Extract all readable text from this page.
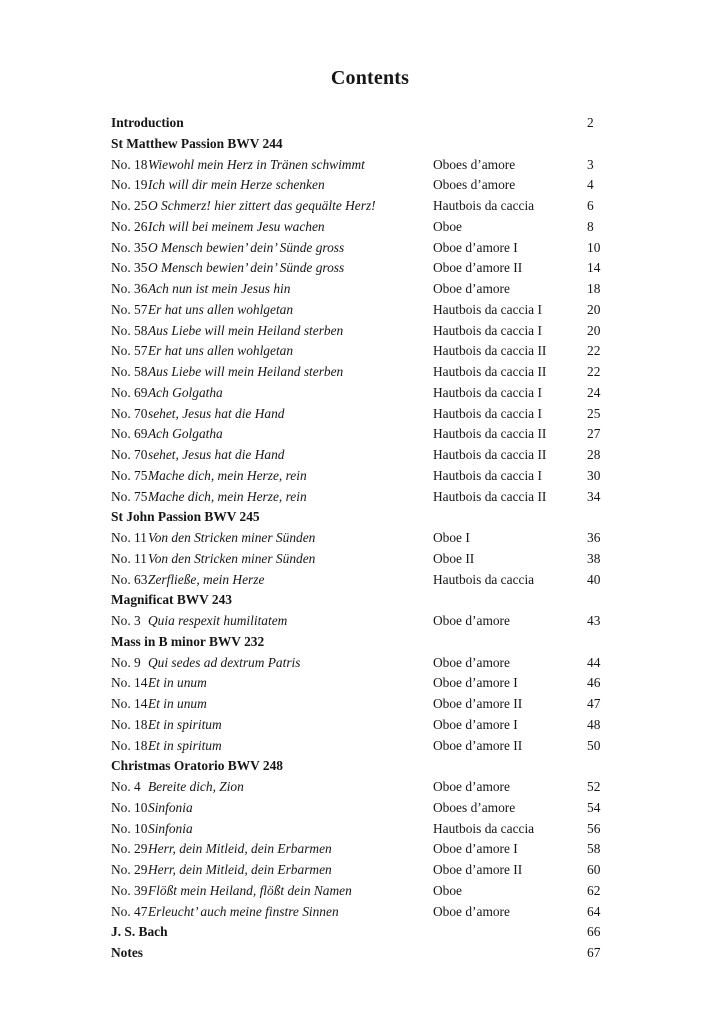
Contents
Introduction	2
St Matthew Passion BWV 244
No. 18 Wiewohl mein Herz in Tränen schwimmt	Oboes d’amore	3
No. 19 Ich will dir mein Herze schenken	Oboes d’amore	4
No. 25 O Schmerz! hier zittert das gequälte Herz!	Hautbois da caccia	6
No. 26 Ich will bei meinem Jesu wachen	Oboe	8
No. 35 O Mensch bewien’ dein’ Sünde gross	Oboe d’amore I	10
No. 35 O Mensch bewien’ dein’ Sünde gross	Oboe d’amore II	14
No. 36 Ach nun ist mein Jesus hin	Oboe d’amore	18
No. 57 Er hat uns allen wohlgetan	Hautbois da caccia I	20
No. 58 Aus Liebe will mein Heiland sterben	Hautbois da caccia I	20
No. 57 Er hat uns allen wohlgetan	Hautbois da caccia II	22
No. 58 Aus Liebe will mein Heiland sterben	Hautbois da caccia II	22
No. 69 Ach Golgatha	Hautbois da caccia I	24
No. 70 sehet, Jesus hat die Hand	Hautbois da caccia I	25
No. 69 Ach Golgatha	Hautbois da caccia II	27
No. 70 sehet, Jesus hat die Hand	Hautbois da caccia II	28
No. 75 Mache dich, mein Herze, rein	Hautbois da caccia I	30
No. 75 Mache dich, mein Herze, rein	Hautbois da caccia II	34
St John Passion BWV 245
No. 11 Von den Stricken miner Sünden	Oboe I	36
No. 11 Von den Stricken miner Sünden	Oboe II	38
No. 63 Zerfließe, mein Herze	Hautbois da caccia	40
Magnificat BWV 243
No. 3 Quia respexit humilitatem	Oboe d’amore	43
Mass in B minor BWV 232
No. 9 Qui sedes ad dextrum Patris	Oboe d’amore	44
No. 14 Et in unum	Oboe d’amore I	46
No. 14 Et in unum	Oboe d’amore II	47
No. 18 Et in spiritum	Oboe d’amore I	48
No. 18 Et in spiritum	Oboe d’amore II	50
Christmas Oratorio BWV 248
No. 4 Bereite dich, Zion	Oboe d’amore	52
No. 10 Sinfonia	Oboes d’amore	54
No. 10 Sinfonia	Hautbois da caccia	56
No. 29 Herr, dein Mitleid, dein Erbarmen	Oboe d’amore I	58
No. 29 Herr, dein Mitleid, dein Erbarmen	Oboe d’amore II	60
No. 39 Flößt mein Heiland, flößt dein Namen	Oboe	62
No. 47 Erleucht’ auch meine finstre Sinnen	Oboe d’amore	64
J. S. Bach	66
Notes	67
